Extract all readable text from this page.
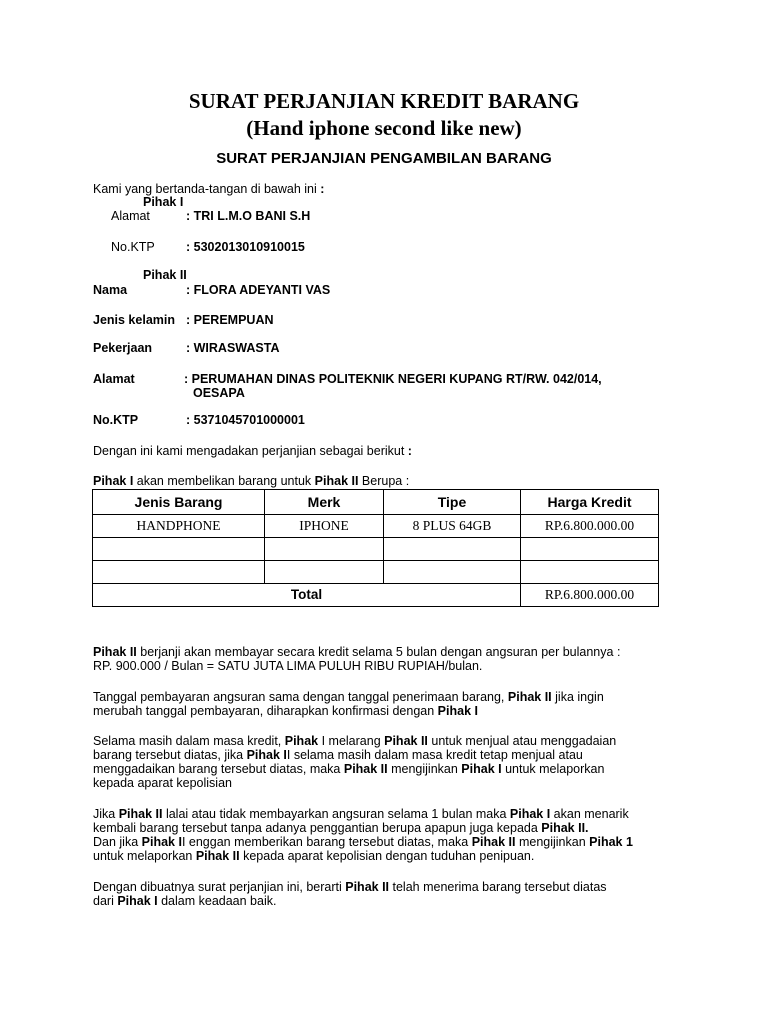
SURAT PERJANJIAN KREDIT BARANG
(Hand iphone second like new)
SURAT PERJANJIAN PENGAMBILAN BARANG
Kami yang bertanda-tangan di bawah ini :
Pihak I
Alamat	: TRI L.M.O BANI S.H
No.KTP : 5302013010910015
Pihak II
Nama	: FLORA ADEYANTI VAS
Jenis kelamin : PEREMPUAN
Pekerjaan	: WIRASWASTA
Alamat	: PERUMAHAN DINAS POLITEKNIK NEGERI KUPANG RT/RW. 042/014,
OESAPA
No.KTP	: 5371045701000001
Dengan ini kami mengadakan perjanjian sebagai berikut :
Pihak I akan membelikan barang untuk Pihak II Berupa :
Jenis Barang	Merk	Tipe	Harga Kredit
HANDPHONE	IPHONE	8 PLUS 64GB	RP.6.800.000.00

Total			RP.6.800.000.00
Pihak II berjanji akan membayar secara kredit selama 5 bulan dengan angsuran per bulannya :
RP. 900.000 / Bulan = SATU JUTA LIMA PULUH RIBU RUPIAH/bulan.
Tanggal pembayaran angsuran sama dengan tanggal penerimaan barang, Pihak II jika ingin
merubah tanggal pembayaran, diharapkan konfirmasi dengan Pihak I
Selama masih dalam masa kredit, Pihak I melarang Pihak II untuk menjual atau menggadaian
barang tersebut diatas, jika Pihak II selama masih dalam masa kredit tetap menjual atau
menggadaikan barang tersebut diatas, maka Pihak II mengijinkan Pihak I untuk melaporkan
kepada aparat kepolisian
Jika Pihak II lalai atau tidak membayarkan angsuran selama 1 bulan maka Pihak I akan menarik
kembali barang tersebut tanpa adanya penggantian berupa apapun juga kepada Pihak II.
Dan jika Pihak II enggan memberikan barang tersebut diatas, maka Pihak II mengijinkan Pihak 1
untuk melaporkan Pihak II kepada aparat kepolisian dengan tuduhan penipuan.
Dengan dibuatnya surat perjanjian ini, berarti Pihak II telah menerima barang tersebut diatas
dari Pihak I dalam keadaan baik.
